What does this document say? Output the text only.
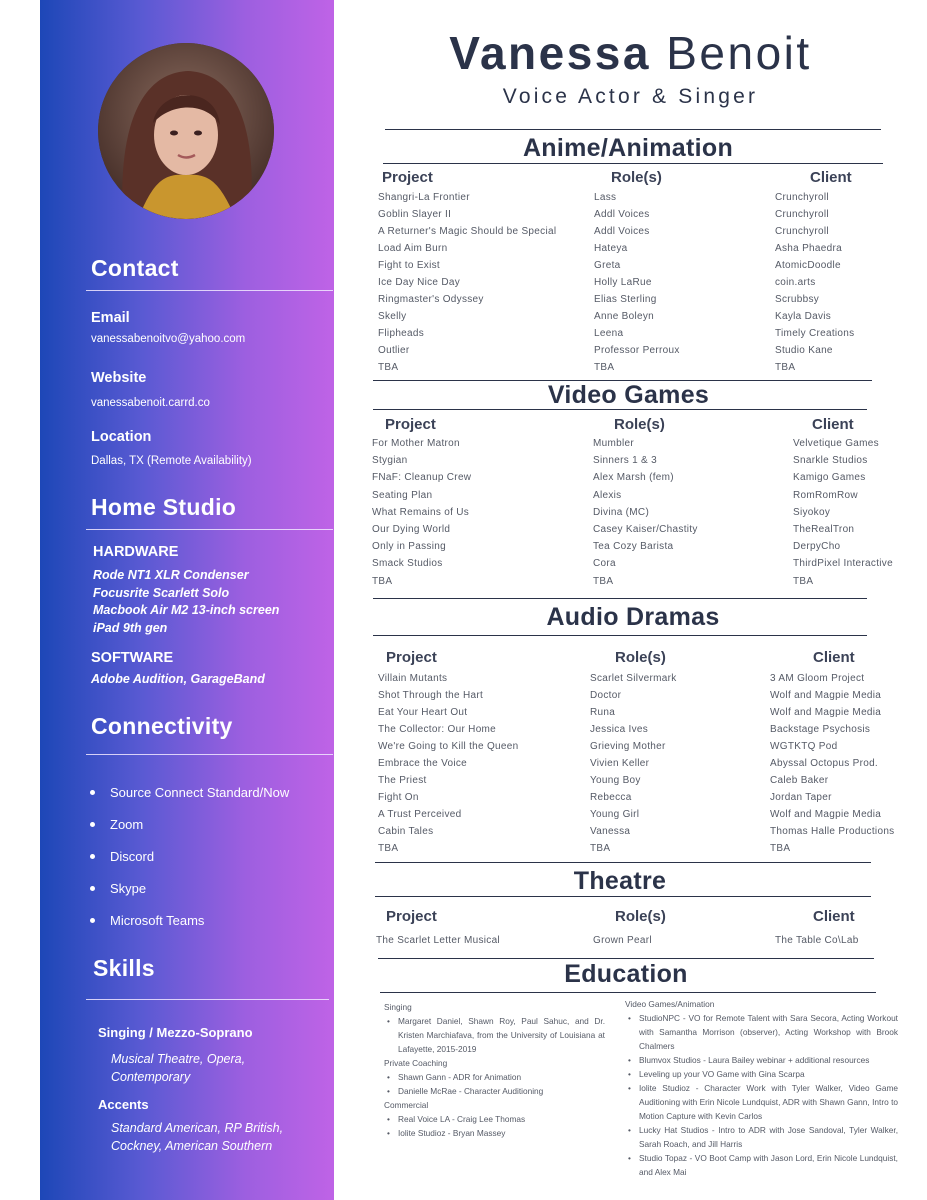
Contact
Email
vanessabenoitvo@yahoo.com
Website
vanessabenoit.carrd.co
Location
Dallas, TX (Remote Availability)
Home Studio
HARDWARE
Rode NT1 XLR Condenser
Focusrite Scarlett Solo
Macbook Air M2 13-inch screen
iPad 9th gen
SOFTWARE
Adobe Audition, GarageBand
Connectivity
Source Connect Standard/Now
Zoom
Discord
Skype
Microsoft Teams
Skills
Singing / Mezzo-Soprano
Musical Theatre, Opera,
Contemporary
Accents
Standard American, RP British,
Cockney, American Southern
Vanessa Benoit
Voice Actor & Singer
Anime/Animation
Project	Role(s)	Client
Video Games
Project	Role(s)	Client
Audio Dramas
Project	Role(s)	Client
Theatre
Project	Role(s)	Client
Shangri-La Frontier	Lass	Crunchyroll
Goblin Slayer II	Addl Voices	Crunchyroll
A Returner's Magic Should be Special	Addl Voices	Crunchyroll
Load Aim Burn	Hateya	Asha Phaedra
Fight to Exist	Greta	AtomicDoodle
Ice Day Nice Day	Holly LaRue	coin.arts
Ringmaster's Odyssey	Elias Sterling	Scrubbsy
Skelly	Anne Boleyn	Kayla Davis
Flipheads	Leena	Timely Creations
Outlier	Professor Perroux	Studio Kane
TBA	TBA	TBA
For Mother Matron	Mumbler	Velvetique Games
Stygian	Sinners 1 & 3	Snarkle Studios
FNaF: Cleanup Crew	Alex Marsh (fem)	Kamigo Games
Seating Plan	Alexis	RomRomRow
What Remains of Us	Divina (MC)	Siyokoy
Our Dying World	Casey Kaiser/Chastity	TheRealTron
Only in Passing	Tea Cozy Barista	DerpyCho
Smack Studios	Cora	ThirdPixel Interactive
TBA	TBA	TBA
Villain Mutants	Scarlet Silvermark	3 AM Gloom Project
Shot Through the Hart	Doctor	Wolf and Magpie Media
Eat Your Heart Out	Runa	Wolf and Magpie Media
The Collector: Our Home	Jessica Ives	Backstage Psychosis
We're Going to Kill the Queen	Grieving Mother	WGTKTQ Pod
Embrace the Voice	Vivien Keller	Abyssal Octopus Prod.
The Priest	Young Boy	Caleb Baker
Fight On	Rebecca	Jordan Taper
A Trust Perceived	Young Girl	Wolf and Magpie Media
Cabin Tales	Vanessa	Thomas Halle Productions
TBA	TBA	TBA
The Scarlet Letter Musical	Grown Pearl	The Table Co\Lab
Education

Singing

• Margaret Daniel, Shawn Roy, Paul Sahuc, and Dr. Kristen Marchiafava, from the University of Louisiana at Lafayette, 2015-2019

Private Coaching

• Shawn Gann - ADR for Animation
• Danielle McRae - Character Auditioning

Commercial

• Real Voice LA - Craig Lee Thomas
• Iolite Studioz - Bryan Massey

Video Games/Animation

• StudioNPC - VO for Remote Talent with Sara Secora, Acting Workout with Samantha Morrison (observer), Acting Workshop with Brook Chalmers
• Blumvox Studios - Laura Bailey webinar + additional resources
• Leveling up your VO Game with Gina Scarpa
• Iolite Studioz - Character Work with Tyler Walker, Video Game Auditioning with Erin Nicole Lundquist, ADR with Shawn Gann, Intro to Motion Capture with Kevin Carlos
• Lucky Hat Studios - Intro to ADR with Jose Sandoval, Tyler Walker, Sarah Roach, and Jill Harris
• Studio Topaz - VO Boot Camp with Jason Lord, Erin Nicole Lundquist, and Alex Mai
